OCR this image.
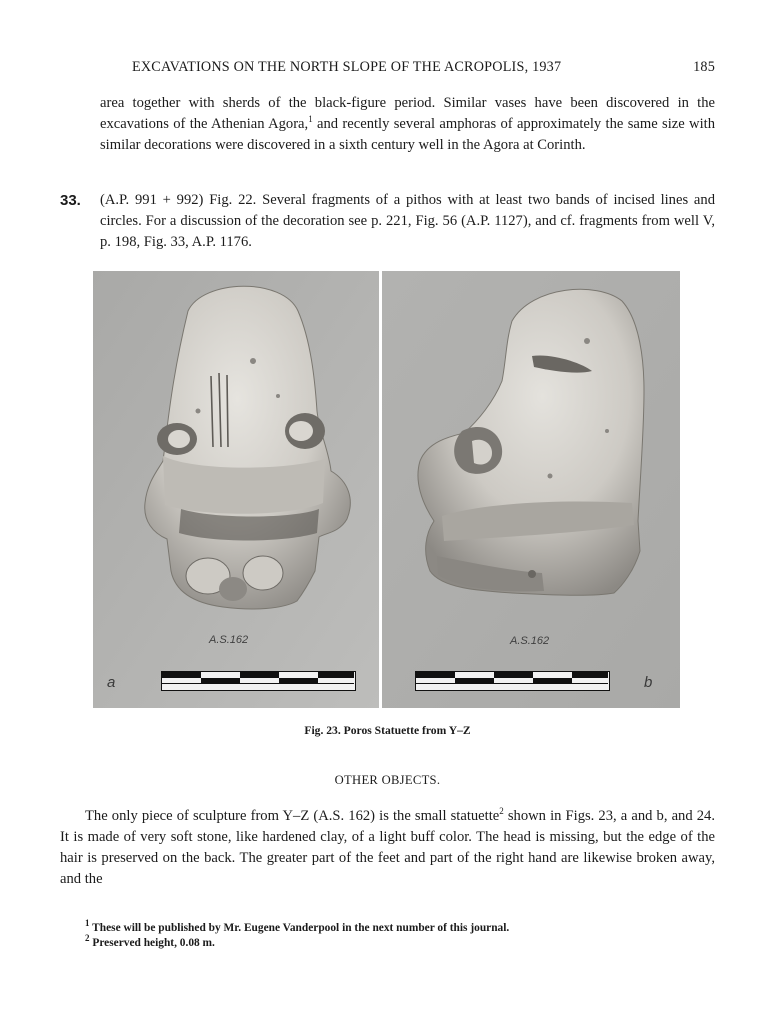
EXCAVATIONS ON THE NORTH SLOPE OF THE ACROPOLIS, 1937	185

area together with sherds of the black-figure period. Similar vases have been discovered in the excavations of the Athenian Agora,$^1$ and recently several amphoras of approximately the same size with similar decorations were discovered in a sixth century well in the Agora at Corinth.

33. (A.P. 991 + 992) Fig. 22. Several fragments of a pithos with at least two bands of incised lines and circles. For a discussion of the decoration see p. 221, Fig. 56 (A.P. 1127), and cf. fragments from well V, p. 198, Fig. 33, A.P. 1176.

A.S.162
a
A.S.162
b
Fig. 23. Poros Statuette from Y–Z
OTHER OBJECTS.

The only piece of sculpture from Y–Z (A.S. 162) is the small statuette$^2$ shown in Figs. 23, a and b, and 24. It is made of very soft stone, like hardened clay, of a light buff color. The head is missing, but the edge of the hair is preserved on the back. The greater part of the feet and part of the right hand are likewise broken away, and the

$^1$ These will be published by Mr. Eugene Vanderpool in the next number of this journal.
$^2$ Preserved height, 0.08 m.
